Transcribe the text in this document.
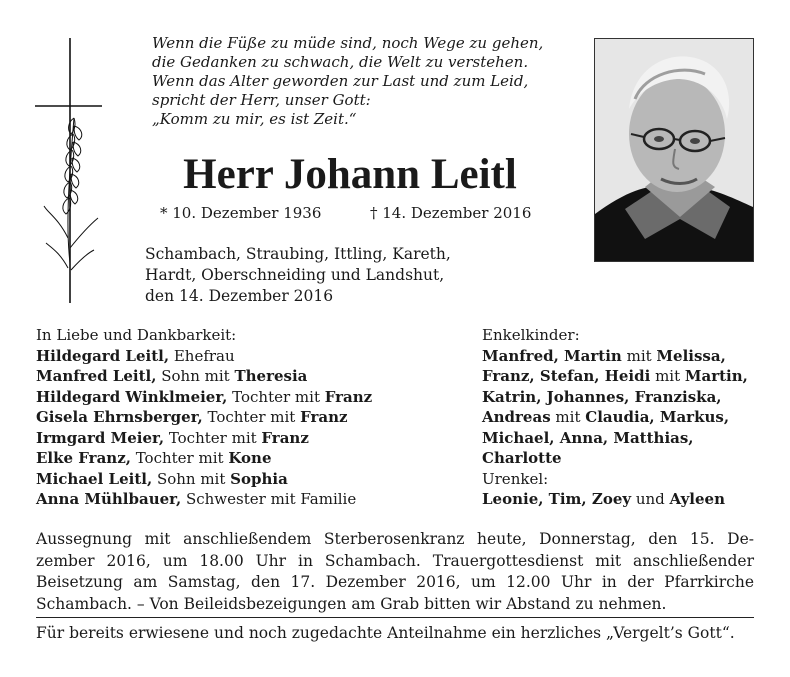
Wenn die Füße zu müde sind, noch Wege zu gehen,
die Gedanken zu schwach, die Welt zu verstehen.
Wenn das Alter geworden zur Last und zum Leid,
spricht der Herr, unser Gott:
„Komm zu mir, es ist Zeit.“
Herr Johann Leitl
* 10. Dezember 1936	† 14. Dezember 2016
Schambach, Straubing, Ittling, Kareth,
Hardt, Oberschneiding und Landshut,
den 14. Dezember 2016
In Liebe und Dankbarkeit:
Hildegard Leitl, Ehefrau
Manfred Leitl, Sohn mit Theresia
Hildegard Winklmeier, Tochter mit Franz
Gisela Ehrnsberger, Tochter mit Franz
Irmgard Meier, Tochter mit Franz
Elke Franz, Tochter mit Kone
Michael Leitl, Sohn mit Sophia
Anna Mühlbauer, Schwester mit Familie
Enkelkinder:
Manfred, Martin mit Melissa,
Franz, Stefan, Heidi mit Martin,
Katrin, Johannes, Franziska,
Andreas mit Claudia, Markus,
Michael, Anna, Matthias,
Charlotte
Urenkel:
Leonie, Tim, Zoey und Ayleen
Aussegnung mit anschließendem Sterberosenkranz heute, Donnerstag, den 15. De-
zember 2016, um 18.00 Uhr in Schambach. Trauergottesdienst mit anschließender
Beisetzung am Samstag, den 17. Dezember 2016, um 12.00 Uhr in der Pfarrkirche
Schambach. – Von Beileidsbezeigungen am Grab bitten wir Abstand zu nehmen.
Für bereits erwiesene und noch zugedachte Anteilnahme ein herzliches „Vergelt’s Gott“.
